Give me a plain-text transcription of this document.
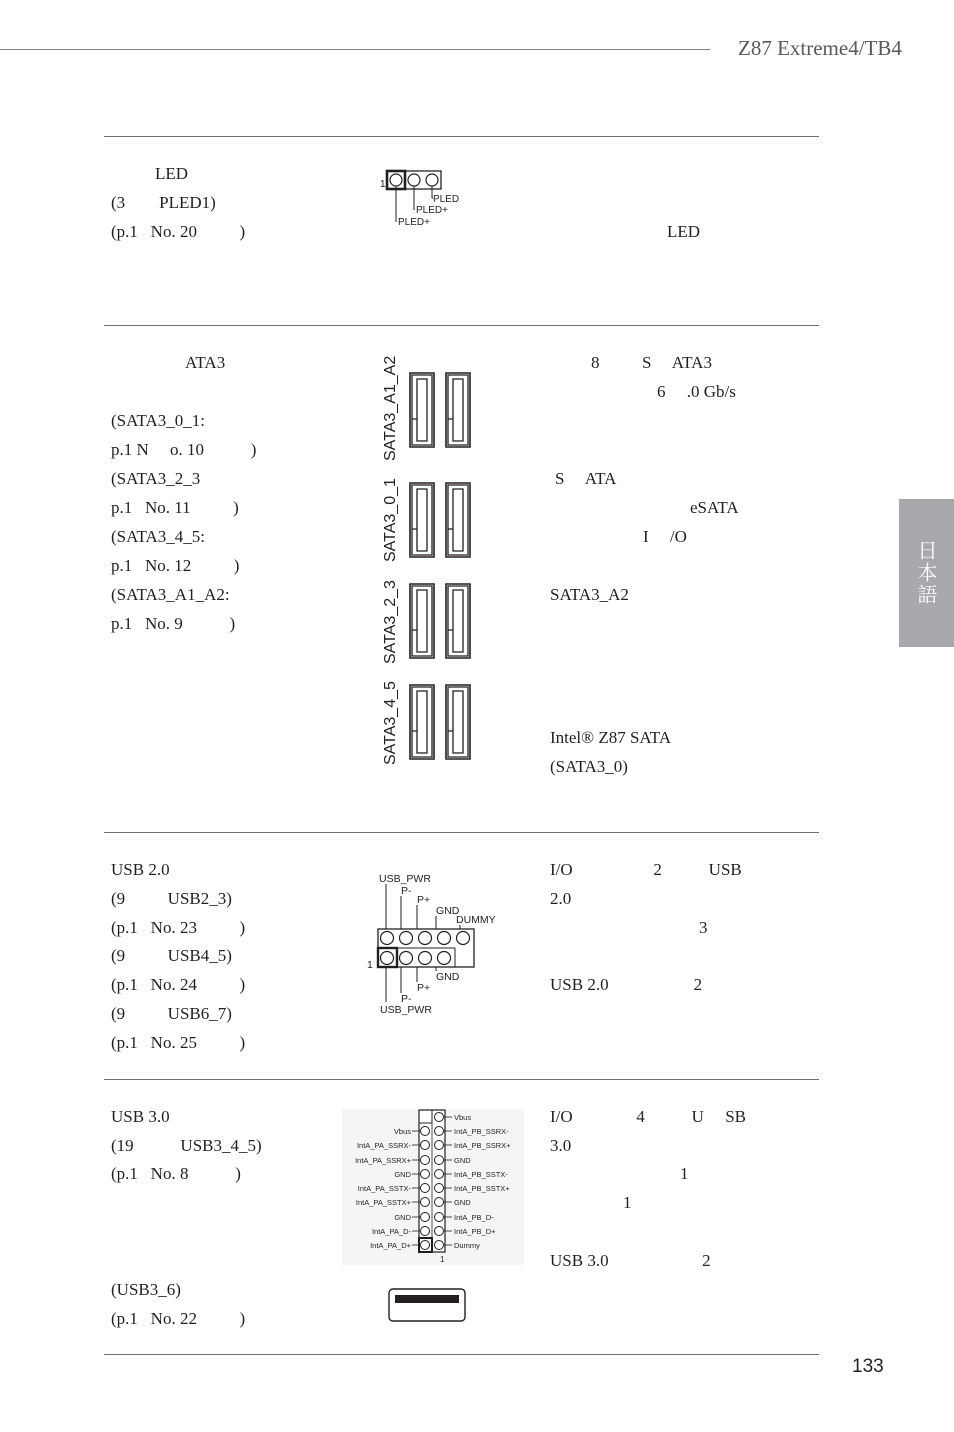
Z87 Extreme4/TB4
日本語
LED
(3        PLED1)
(p.1   No. 20          )	LED
1
PLED
PLED+
PLED+
ATA3
(SATA3_0_1:
p.1 N     o. 10           )
(SATA3_2_3
p.1   No. 11          )
(SATA3_4_5:
p.1   No. 12          )
(SATA3_A1_A2:
p.1   No. 9           )
8          S     ATA3
6     .0 Gb/s
S     ATA
eSATA
I     /O
SATA3_A2
Intel® Z87 SATA
(SATA3_0)
SATA3_A1_A2
SATA3_0_1
SATA3_2_3
SATA3_4_5
USB 2.0
(9          USB2_3)
(p.1   No. 23          )
(9          USB4_5)
(p.1   No. 24          )
(9          USB6_7)
(p.1   No. 25          )
I/O                   2           USB
2.0
3
USB 2.0                    2
USB_PWR
P-
P+
GND
DUMMY
1
GND
P+
P-
USB_PWR
USB 3.0
(19           USB3_4_5)
(p.1   No. 8           )
(USB3_6)
(p.1   No. 22          )
I/O               4           U     SB
3.0
1
1
USB 3.0                      2
Vbus
IntA_PB_SSRX-
IntA_PB_SSRX+
GND
IntA_PB_SSTX-
IntA_PB_SSTX+
GND
IntA_PB_D-
IntA_PB_D+
Dummy
Vbus
IntA_PA_SSRX-
IntA_PA_SSRX+
GND
IntA_PA_SSTX-
IntA_PA_SSTX+
GND
IntA_PA_D-
IntA_PA_D+
1
133
